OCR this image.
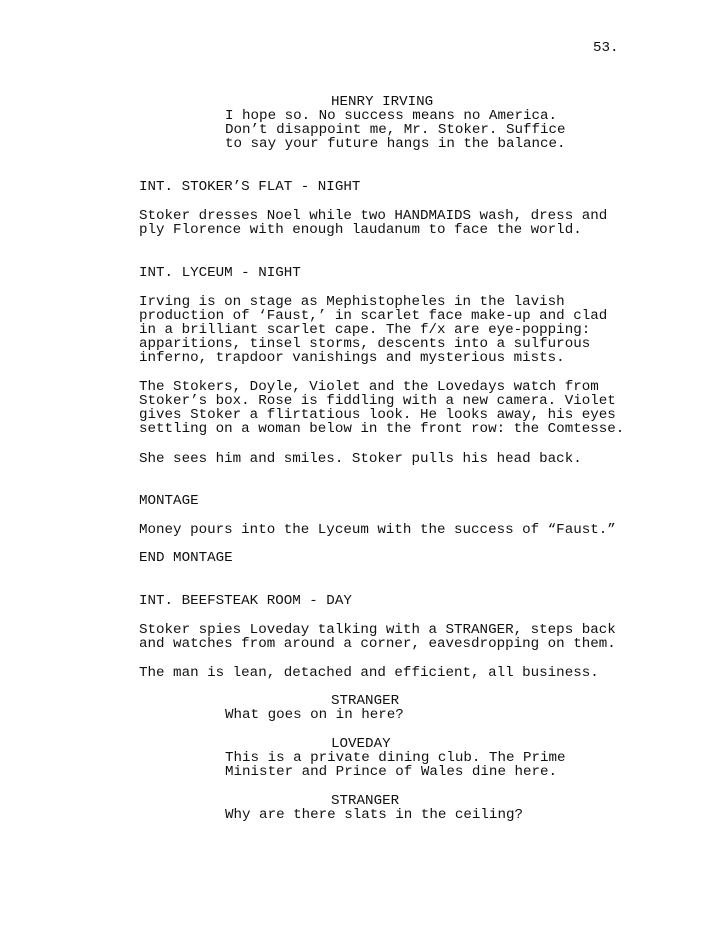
53.
HENRY IRVING
I hope so. No success means no America.
Don’t disappoint me, Mr. Stoker. Suffice
to say your future hangs in the balance.
INT. STOKER’S FLAT - NIGHT
Stoker dresses Noel while two HANDMAIDS wash, dress and
ply Florence with enough laudanum to face the world.
INT. LYCEUM - NIGHT
Irving is on stage as Mephistopheles in the lavish
production of ‘Faust,’ in scarlet face make-up and clad
in a brilliant scarlet cape. The f/x are eye-popping:
apparitions, tinsel storms, descents into a sulfurous
inferno, trapdoor vanishings and mysterious mists.
The Stokers, Doyle, Violet and the Lovedays watch from
Stoker’s box. Rose is fiddling with a new camera. Violet
gives Stoker a flirtatious look. He looks away, his eyes
settling on a woman below in the front row: the Comtesse.
She sees him and smiles. Stoker pulls his head back.
MONTAGE
Money pours into the Lyceum with the success of “Faust.”
END MONTAGE
INT. BEEFSTEAK ROOM - DAY
Stoker spies Loveday talking with a STRANGER, steps back
and watches from around a corner, eavesdropping on them.
The man is lean, detached and efficient, all business.
STRANGER
What goes on in here?
LOVEDAY
This is a private dining club. The Prime
Minister and Prince of Wales dine here.
STRANGER
Why are there slats in the ceiling?
